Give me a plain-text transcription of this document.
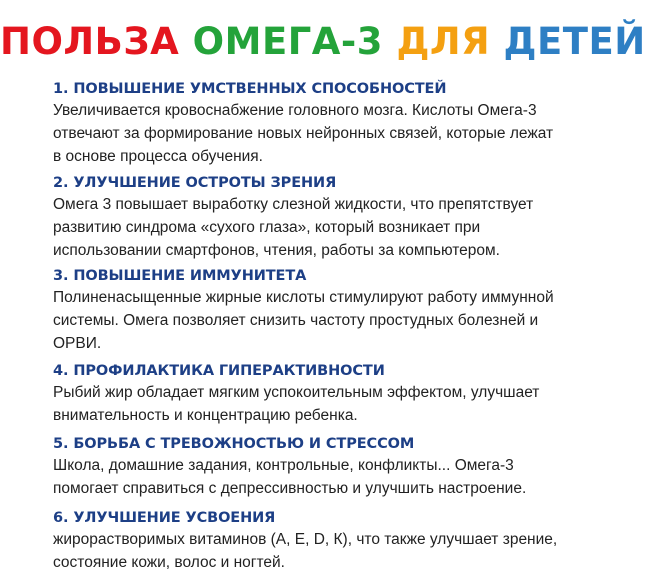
ПОЛЬЗА ОМЕГА-3 ДЛЯ ДЕТЕЙ
1. ПОВЫШЕНИЕ УМСТВЕННЫХ СПОСОБНОСТЕЙ
Увеличивается кровоснабжение головного мозга. Кислоты Омега-3
отвечают за формирование новых нейронных связей, которые лежат
в основе процесса обучения.
2. УЛУЧШЕНИЕ ОСТРОТЫ ЗРЕНИЯ
Омега 3 повышает выработку слезной жидкости, что препятствует
развитию синдрома «сухого глаза», который возникает при
использовании смартфонов, чтения, работы за компьютером.
3. ПОВЫШЕНИЕ ИММУНИТЕТА
Полиненасыщенные жирные кислоты стимулируют работу иммунной
системы. Омега позволяет снизить частоту простудных болезней и
ОРВИ.
4. ПРОФИЛАКТИКА ГИПЕРАКТИВНОСТИ
Рыбий жир обладает мягким успокоительным эффектом, улучшает
внимательность и концентрацию ребенка.
5. БОРЬБА С ТРЕВОЖНОСТЬЮ И СТРЕССОМ
Школа, домашние задания, контрольные, конфликты... Омега-3
помогает справиться с депрессивностью и улучшить настроение.
6. УЛУЧШЕНИЕ УСВОЕНИЯ
жирорастворимых витаминов (А, Е, D, К), что также улучшает зрение,
состояние кожи, волос и ногтей.
